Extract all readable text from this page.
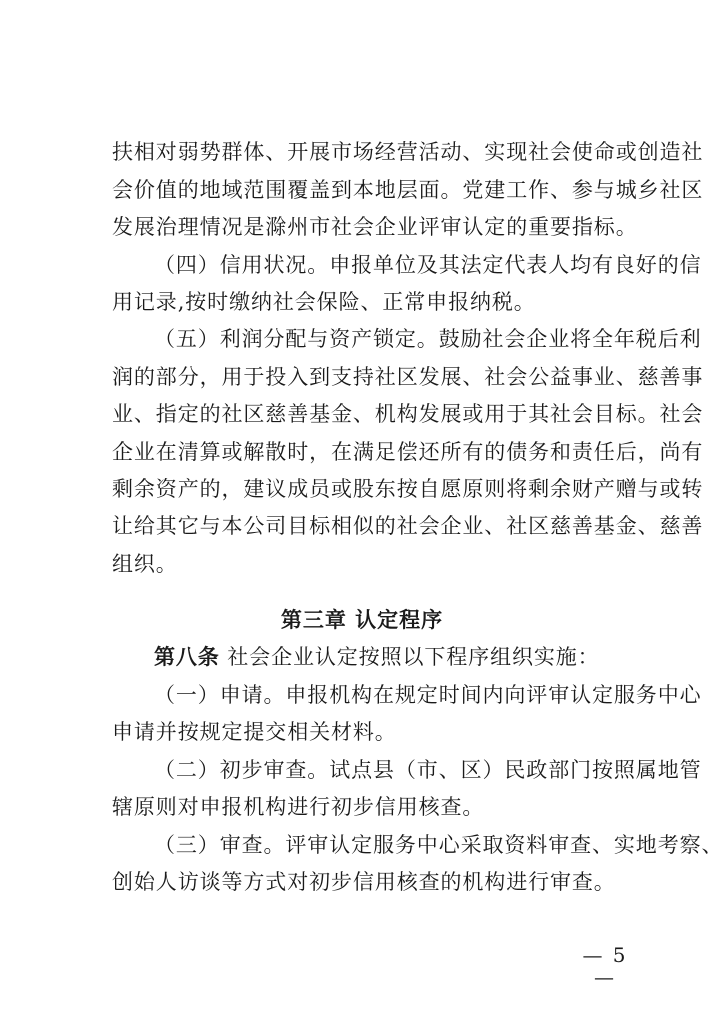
扶相对弱势群体、开展市场经营活动、实现社会使命或创造社
会价值的地域范围覆盖到本地层面。党建工作、参与城乡社区
发展治理情况是滁州市社会企业评审认定的重要指标。
（四）信用状况。申报单位及其法定代表人均有良好的信
用记录,按时缴纳社会保险、正常申报纳税。
（五）利润分配与资产锁定。鼓励社会企业将全年税后利
润的部分，用于投入到支持社区发展、社会公益事业、慈善事
业、指定的社区慈善基金、机构发展或用于其社会目标。社会
企业在清算或解散时，在满足偿还所有的债务和责任后，尚有
剩余资产的，建议成员或股东按自愿原则将剩余财产赠与或转
让给其它与本公司目标相似的社会企业、社区慈善基金、慈善
组织。
第三章 认定程序
第八条 社会企业认定按照以下程序组织实施：
（一）申请。申报机构在规定时间内向评审认定服务中心
申请并按规定提交相关材料。
（二）初步审查。试点县（市、区）民政部门按照属地管
辖原则对申报机构进行初步信用核查。
（三）审查。评审认定服务中心采取资料审查、实地考察、
创始人访谈等方式对初步信用核查的机构进行审查。
— 5 —
